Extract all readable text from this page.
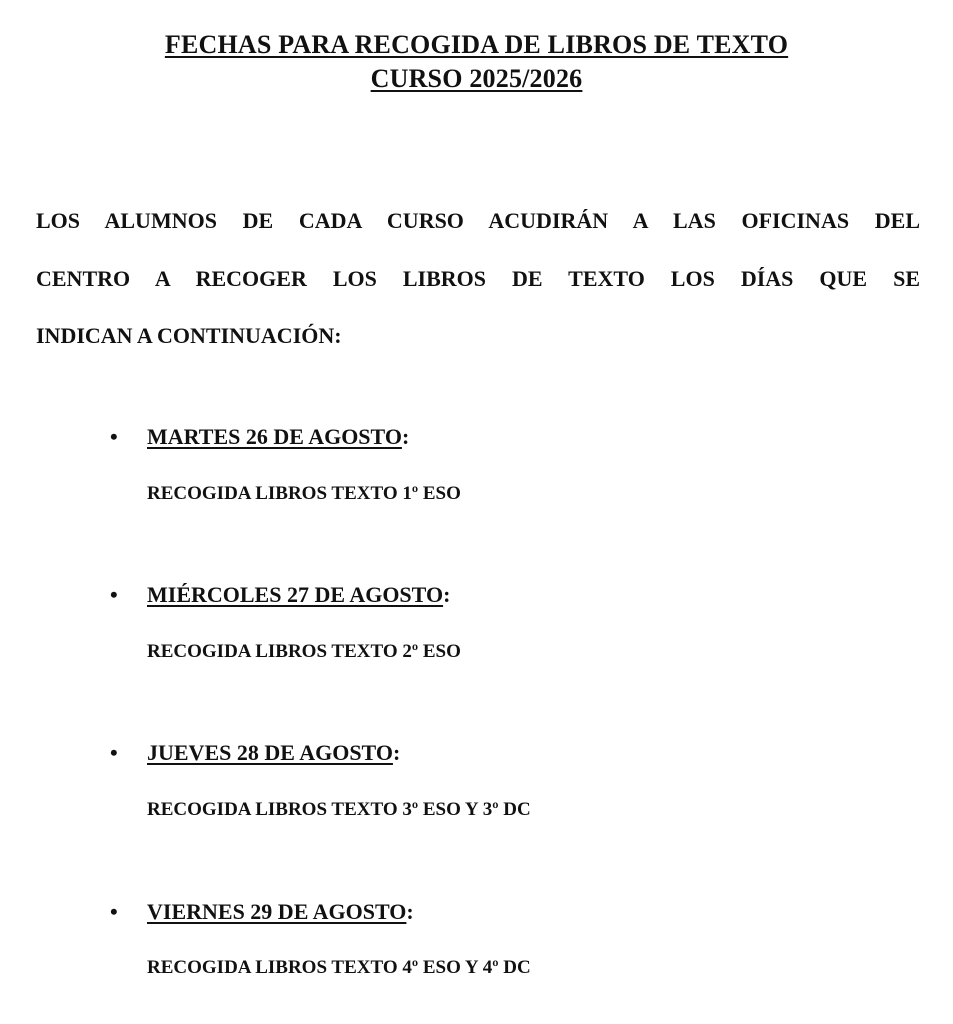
FECHAS PARA RECOGIDA DE LIBROS DE TEXTO
CURSO 2025/2026
LOS ALUMNOS DE CADA CURSO ACUDIRÁN A LAS OFICINAS DEL
CENTRO A RECOGER LOS LIBROS DE TEXTO LOS DÍAS QUE SE
INDICAN A CONTINUACIÓN:
• MARTES 26 DE AGOSTO:
RECOGIDA LIBROS TEXTO 1º ESO
• MIÉRCOLES 27 DE AGOSTO:
RECOGIDA LIBROS TEXTO 2º ESO
• JUEVES 28 DE AGOSTO:
RECOGIDA LIBROS TEXTO 3º ESO Y 3º DC
• VIERNES 29 DE AGOSTO:
RECOGIDA LIBROS TEXTO 4º ESO Y 4º DC
